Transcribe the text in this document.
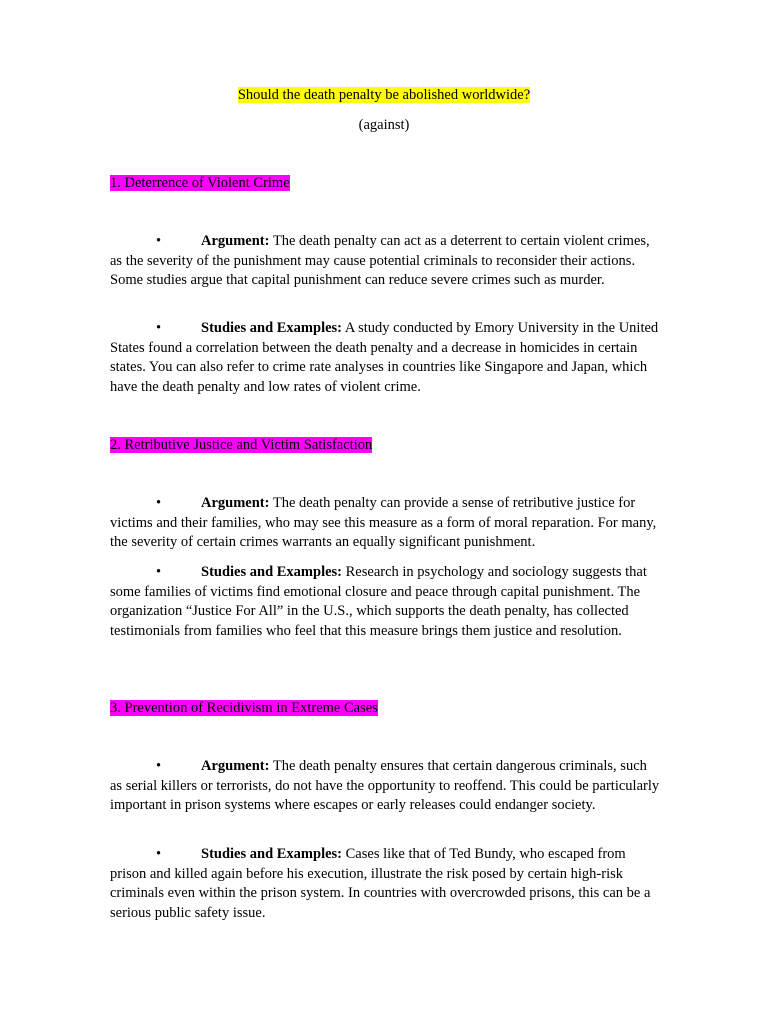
Should the death penalty be abolished worldwide?
(against)
1. Deterrence of Violent Crime
•	Argument: The death penalty can act as a deterrent to certain violent crimes, as the severity of the punishment may cause potential criminals to reconsider their actions. Some studies argue that capital punishment can reduce severe crimes such as murder.
•	Studies and Examples: A study conducted by Emory University in the United States found a correlation between the death penalty and a decrease in homicides in certain states. You can also refer to crime rate analyses in countries like Singapore and Japan, which have the death penalty and low rates of violent crime.
2. Retributive Justice and Victim Satisfaction
•	Argument: The death penalty can provide a sense of retributive justice for victims and their families, who may see this measure as a form of moral reparation. For many, the severity of certain crimes warrants an equally significant punishment.
•	Studies and Examples: Research in psychology and sociology suggests that some families of victims find emotional closure and peace through capital punishment. The organization “Justice For All” in the U.S., which supports the death penalty, has collected testimonials from families who feel that this measure brings them justice and resolution.
3. Prevention of Recidivism in Extreme Cases
•	Argument: The death penalty ensures that certain dangerous criminals, such as serial killers or terrorists, do not have the opportunity to reoffend. This could be particularly important in prison systems where escapes or early releases could endanger society.
•	Studies and Examples: Cases like that of Ted Bundy, who escaped from prison and killed again before his execution, illustrate the risk posed by certain high-risk criminals even within the prison system. In countries with overcrowded prisons, this can be a serious public safety issue.
